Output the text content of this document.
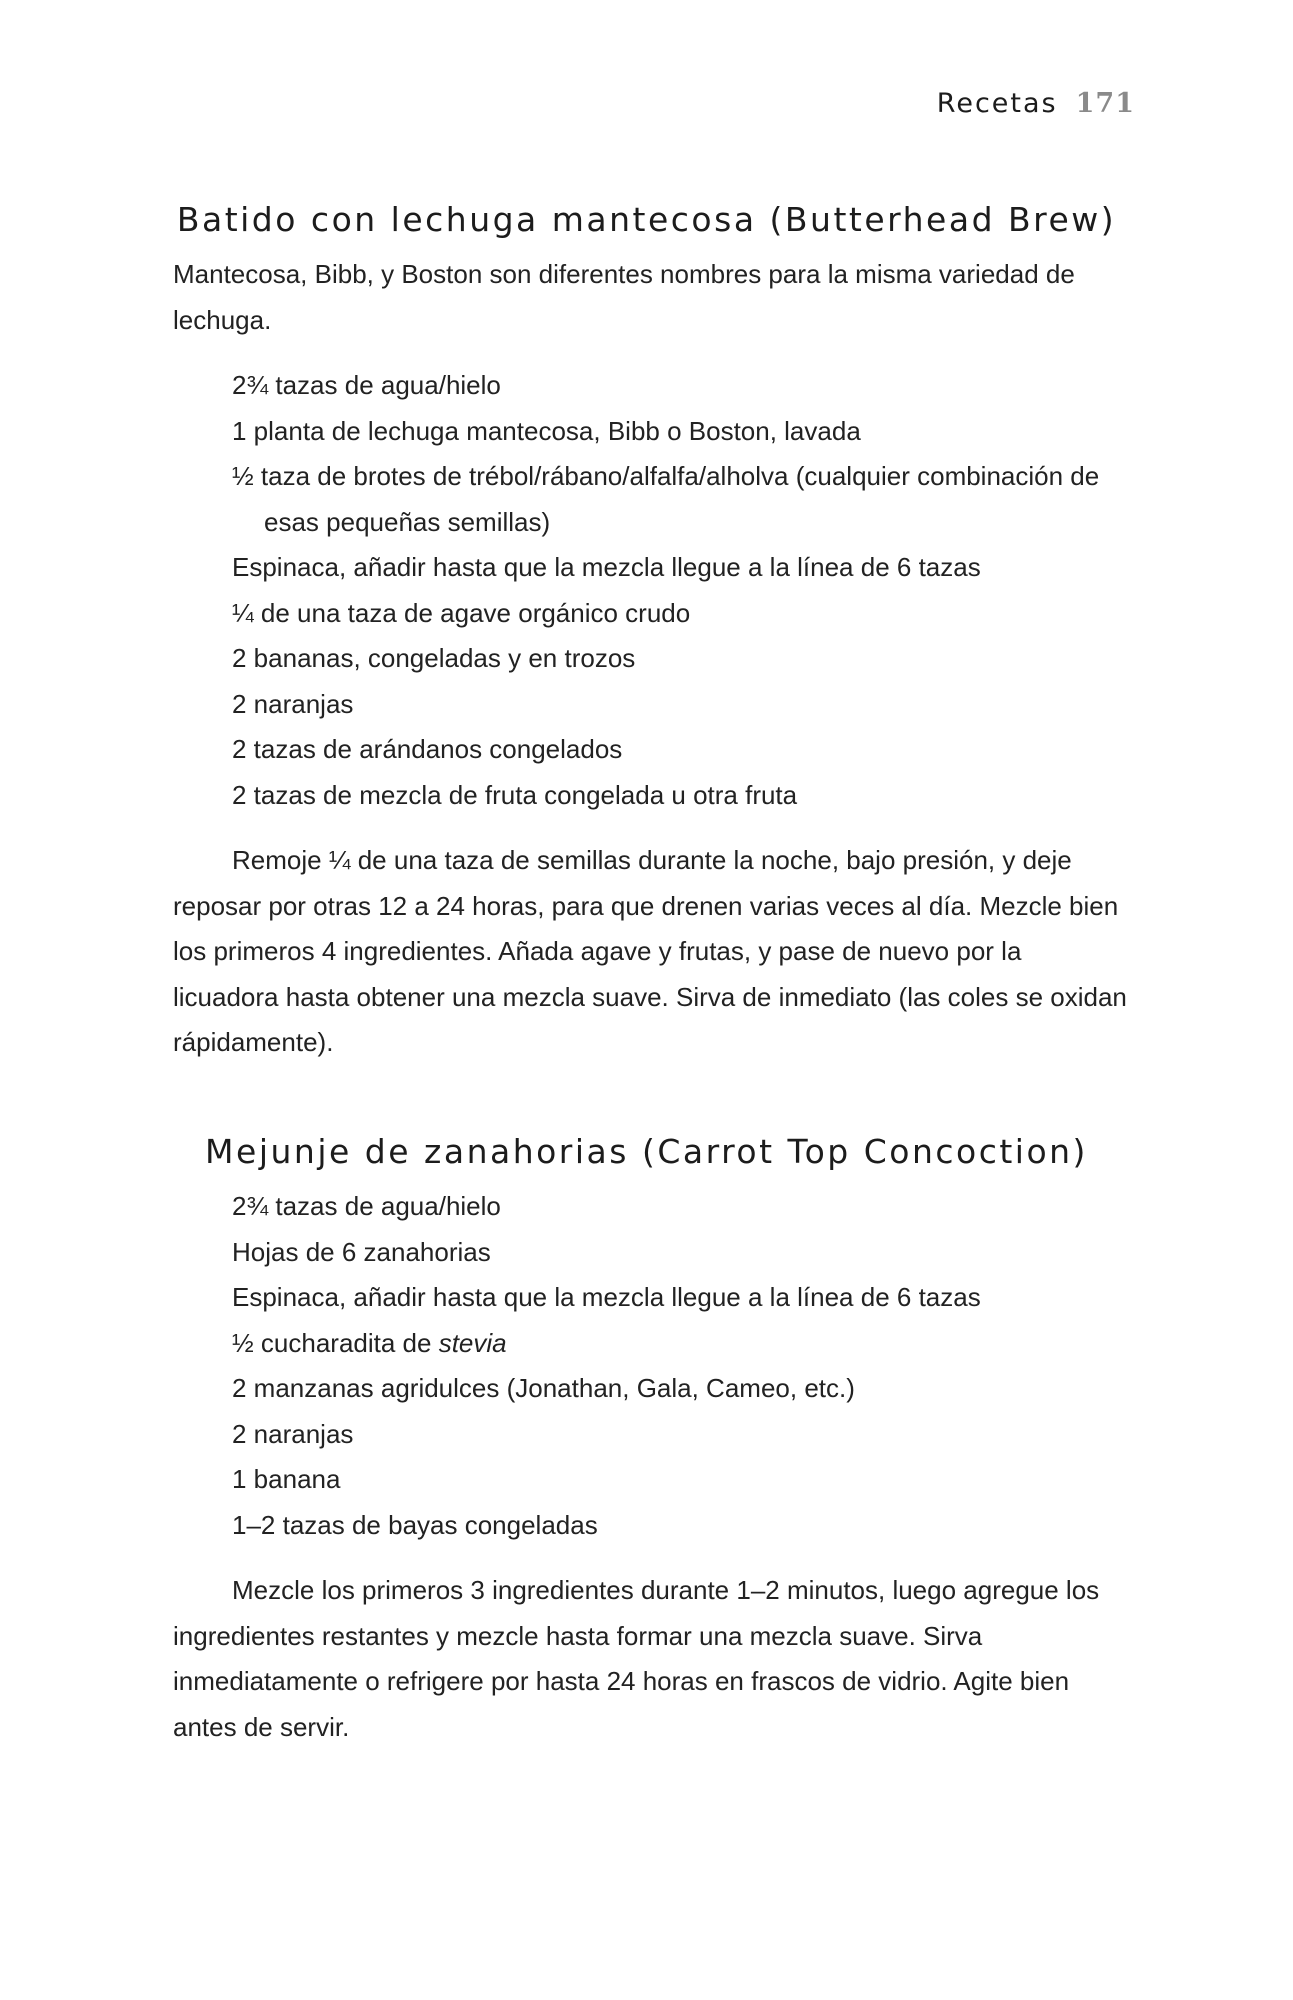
Recetas 171
Batido con lechuga mantecosa (Butterhead Brew)

Mantecosa, Bibb, y Boston son diferentes nombres para la misma variedad de lechuga.

2¾ tazas de agua/hielo
1 planta de lechuga mantecosa, Bibb o Boston, lavada
½ taza de brotes de trébol/rábano/alfalfa/alholva (cualquier combinación de esas pequeñas semillas)
Espinaca, añadir hasta que la mezcla llegue a la línea de 6 tazas
¼ de una taza de agave orgánico crudo
2 bananas, congeladas y en trozos
2 naranjas
2 tazas de arándanos congelados
2 tazas de mezcla de fruta congelada u otra fruta

Remoje ¼ de una taza de semillas durante la noche, bajo presión, y deje reposar por otras 12 a 24 horas, para que drenen varias veces al día. Mezcle bien los primeros 4 ingredientes. Añada agave y frutas, y pase de nuevo por la licuadora hasta obtener una mezcla suave. Sirva de inmediato (las coles se oxidan rápidamente).

Mejunje de zanahorias (Carrot Top Concoction)
2¾ tazas de agua/hielo
Hojas de 6 zanahorias
Espinaca, añadir hasta que la mezcla llegue a la línea de 6 tazas
½ cucharadita de stevia
2 manzanas agridulces (Jonathan, Gala, Cameo, etc.)
2 naranjas
1 banana
1–2 tazas de bayas congeladas

Mezcle los primeros 3 ingredientes durante 1–2 minutos, luego agregue los ingredientes restantes y mezcle hasta formar una mezcla suave. Sirva inmediatamente o refrigere por hasta 24 horas en frascos de vidrio. Agite bien antes de servir.
